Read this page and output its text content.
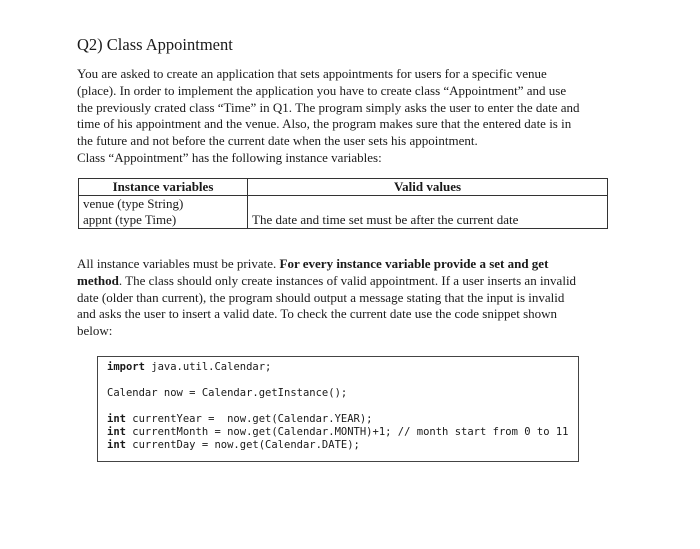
Q2) Class Appointment
You are asked to create an application that sets appointments for users for a specific venue
(place). In order to implement the application you have to create class “Appointment” and use
the previously crated class “Time” in Q1. The program simply asks the user to enter the date and
time of his appointment and the venue. Also, the program makes sure that the entered date is in
the future and not before the current date when the user sets his appointment.
Class “Appointment” has the following instance variables:
Instance variables	Valid values
venue (type String)	
appnt (type Time)	The date and time set must be after the current date
All instance variables must be private. For every instance variable provide a set and get
method. The class should only create instances of valid appointment. If a user inserts an invalid
date (older than current), the program should output a message stating that the input is invalid
and asks the user to insert a valid date. To check the current date use the code snippet shown
below:
import java.util.Calendar;
Calendar now = Calendar.getInstance();
int currentYear =  now.get(Calendar.YEAR);
int currentMonth = now.get(Calendar.MONTH)+1; // month start from 0 to 11
int currentDay = now.get(Calendar.DATE);
